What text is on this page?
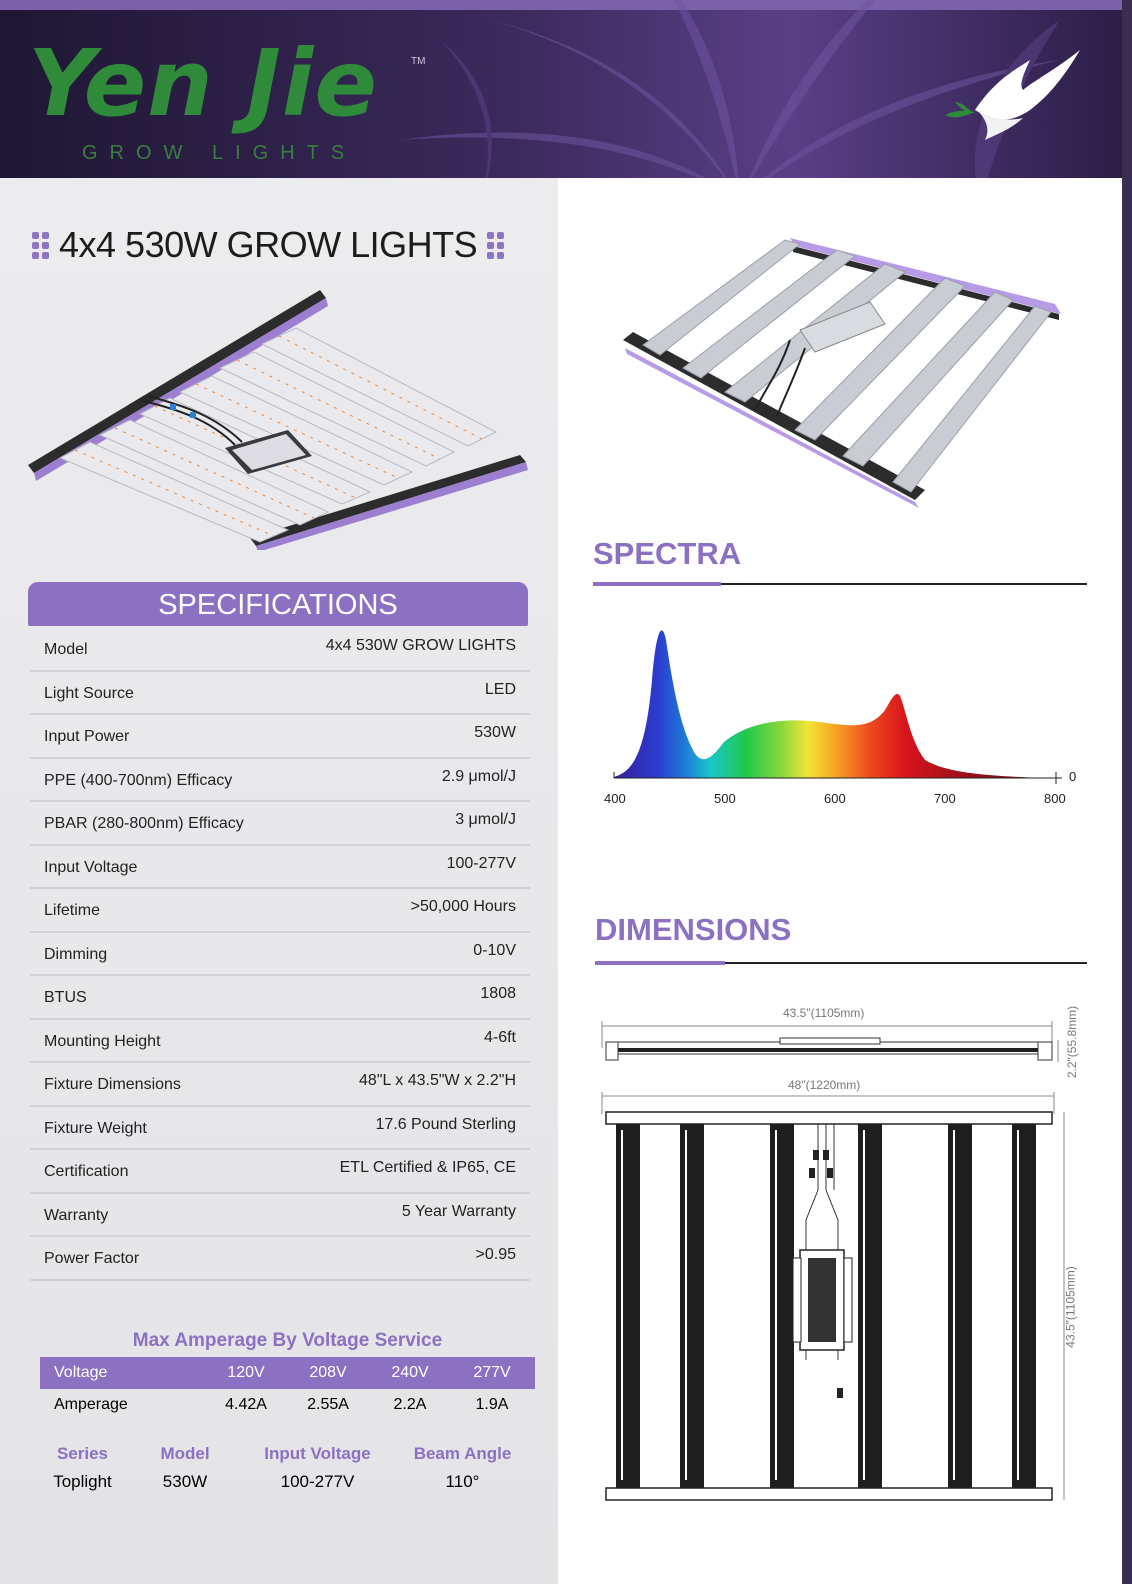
Yen Jie	TM
GROW LIGHTS
4x4 530W GROW LIGHTS
SPECIFICATIONS
Model	4x4 530W GROW LIGHTS
Light Source	LED
Input Power	530W
PPE (400-700nm) Efficacy	2.9 μmol/J
PBAR (280-800nm) Efficacy	3 μmol/J
Input Voltage	100-277V
Lifetime	>50,000 Hours
Dimming	0-10V
BTUS	1808
Mounting Height	4-6ft
Fixture Dimensions	48"L x 43.5"W x 2.2"H
Fixture Weight	17.6 Pound Sterling
Certification	ETL Certified & IP65, CE
Warranty	5 Year Warranty
Power Factor	>0.95
Max Amperage By Voltage Service
Voltage	120V	208V	240V	277V
Amperage	4.42A	2.55A	2.2A	1.9A
Series	Model	Input Voltage	Beam Angle
Toplight	530W	100-277V	110°
SPECTRA
400	500	600	700	800
0
DIMENSIONS
43.5"(1105mm)	2.2"(55.8mm)
48"(1220mm)
43.5"(1105mm)
